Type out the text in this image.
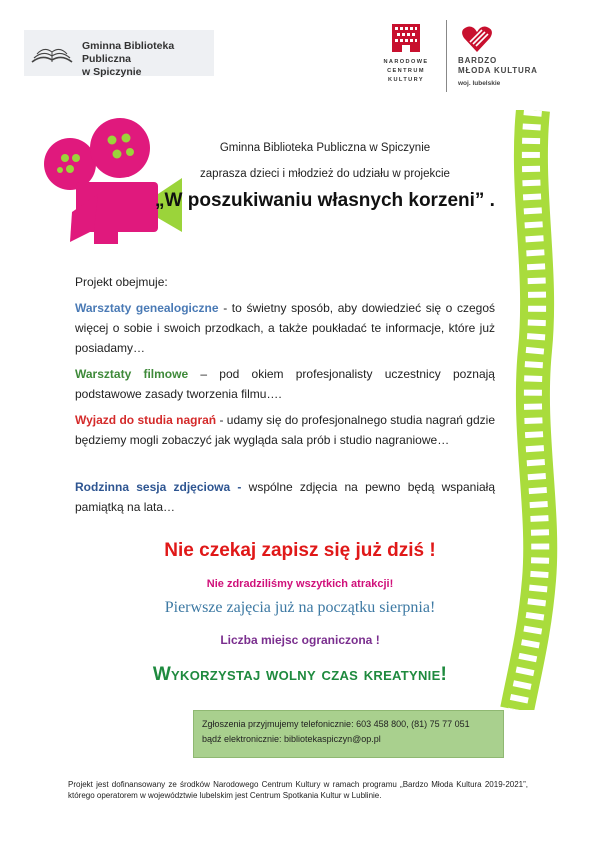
Gminna Biblioteka Publiczna
w Spiczynie
NARODOWE
CENTRUM
KULTURY
BARDZO
MŁODA KULTURA
woj. lubelskie
Gminna Biblioteka Publiczna w Spiczynie
zaprasza dzieci i młodzież do udziału w projekcie
„W poszukiwaniu własnych korzeni” .
Projekt obejmuje:
Warsztaty genealogiczne - to świetny sposób, aby dowiedzieć się o czegoś więcej o sobie i swoich przodkach, a także poukładać te informacje, które już posiadamy…
Warsztaty filmowe – pod okiem profesjonalisty uczestnicy poznają podstawowe zasady tworzenia filmu….
Wyjazd do studia nagrań - udamy się do profesjonalnego studia nagrań gdzie będziemy mogli zobaczyć jak wygląda sala prób i studio nagraniowe…
Rodzinna sesja zdjęciowa - wspólne zdjęcia na pewno będą wspaniałą pamiątką na lata…
Nie czekaj zapisz się już dziś !
Nie zdradziliśmy wszytkich atrakcji!
Pierwsze zajęcia już na początku sierpnia!
Liczba miejsc ograniczona !
Wykorzystaj wolny czas kreatynie!
Zgłoszenia przyjmujemy telefonicznie: 603 458 800, (81) 75 77 051
bądź elektronicznie: bibliotekaspiczyn@op.pl
Projekt jest dofinansowany ze środków Narodowego Centrum Kultury w ramach programu „Bardzo Młoda Kultura 2019-2021”, którego operatorem w województwie lubelskim jest Centrum Spotkania Kultur w Lublinie.
